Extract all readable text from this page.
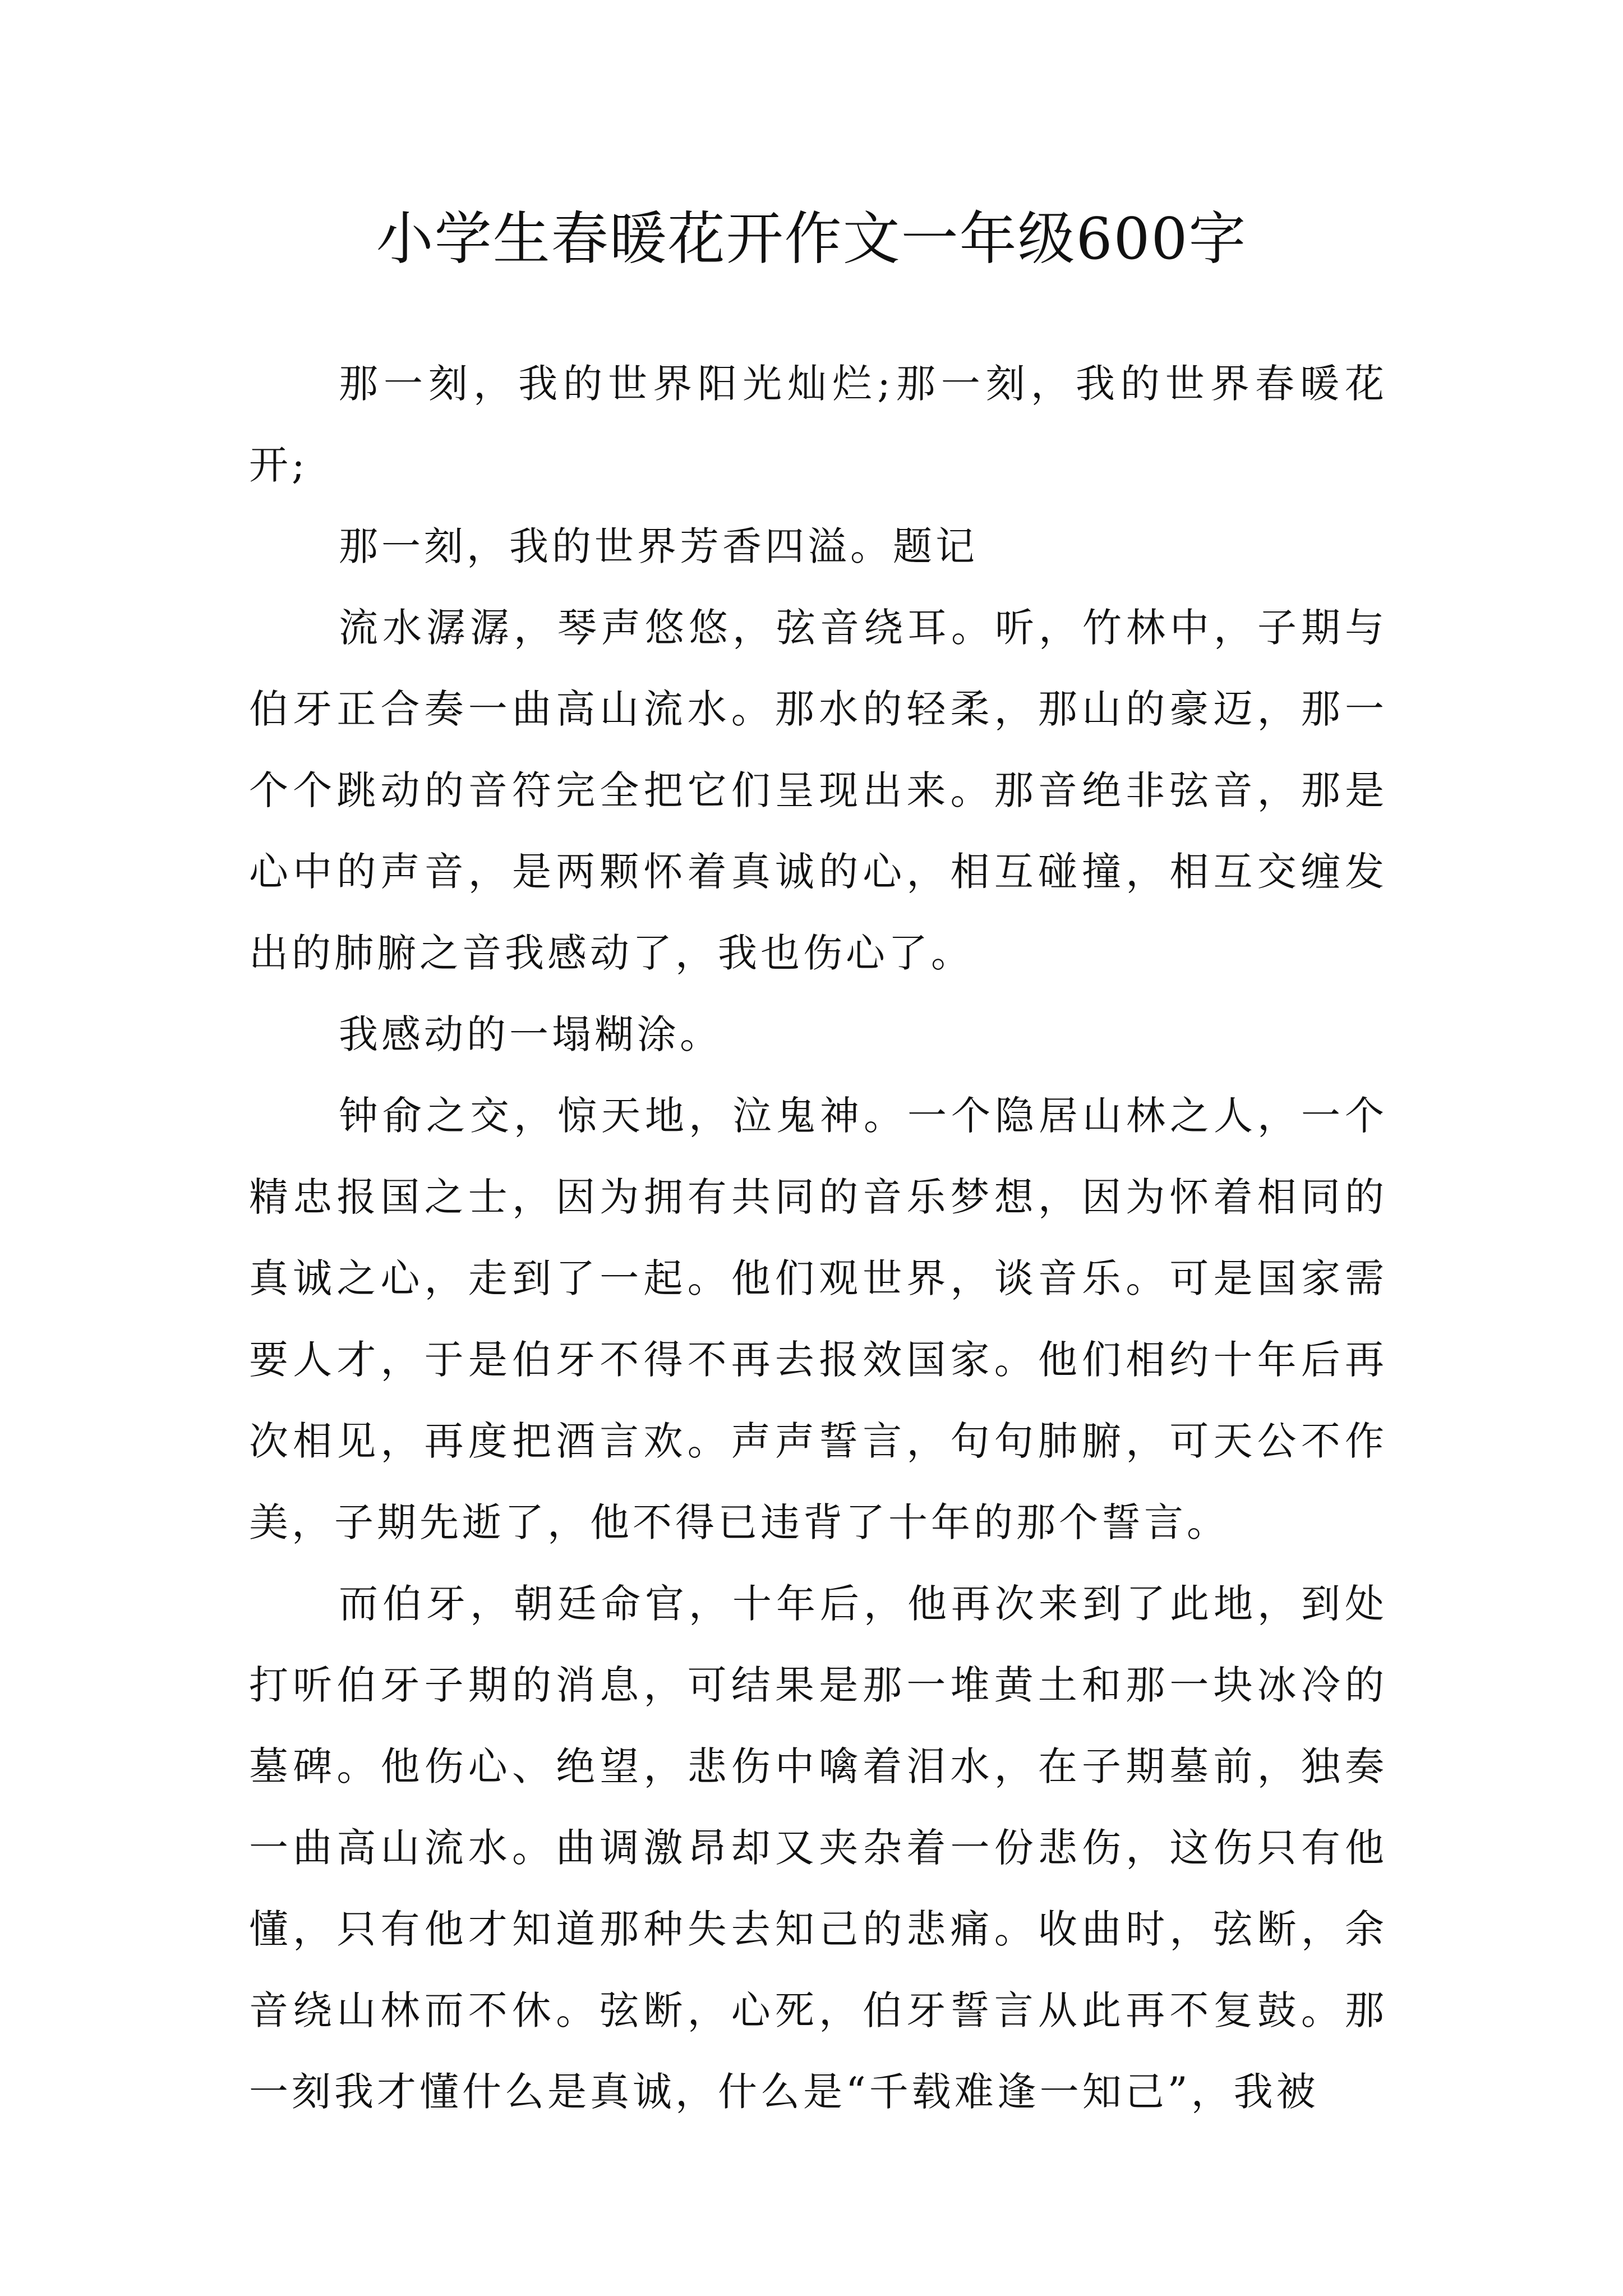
小学生春暖花开作文一年级600字

那一刻，我的世界阳光灿烂;那一刻，我的世界春暖花开;

那一刻，我的世界芳香四溢。题记

流水潺潺，琴声悠悠，弦音绕耳。听，竹林中，子期与伯牙正合奏一曲高山流水。那水的轻柔，那山的豪迈，那一个个跳动的音符完全把它们呈现出来。那音绝非弦音，那是心中的声音，是两颗怀着真诚的心，相互碰撞，相互交缠发出的肺腑之音我感动了，我也伤心了。

我感动的一塌糊涂。

钟俞之交，惊天地，泣鬼神。一个隐居山林之人，一个精忠报国之士，因为拥有共同的音乐梦想，因为怀着相同的真诚之心，走到了一起。他们观世界，谈音乐。可是国家需要人才，于是伯牙不得不再去报效国家。他们相约十年后再次相见，再度把酒言欢。声声誓言，句句肺腑，可天公不作美，子期先逝了，他不得已违背了十年的那个誓言。

而伯牙，朝廷命官，十年后，他再次来到了此地，到处打听伯牙子期的消息，可结果是那一堆黄土和那一块冰冷的墓碑。他伤心、绝望，悲伤中噙着泪水，在子期墓前，独奏一曲高山流水。曲调激昂却又夹杂着一份悲伤，这伤只有他懂，只有他才知道那种失去知己的悲痛。收曲时，弦断，余音绕山林而不休。弦断，心死，伯牙誓言从此再不复鼓。那一刻我才懂什么是真诚，什么是“千载难逢一知己”，我被
